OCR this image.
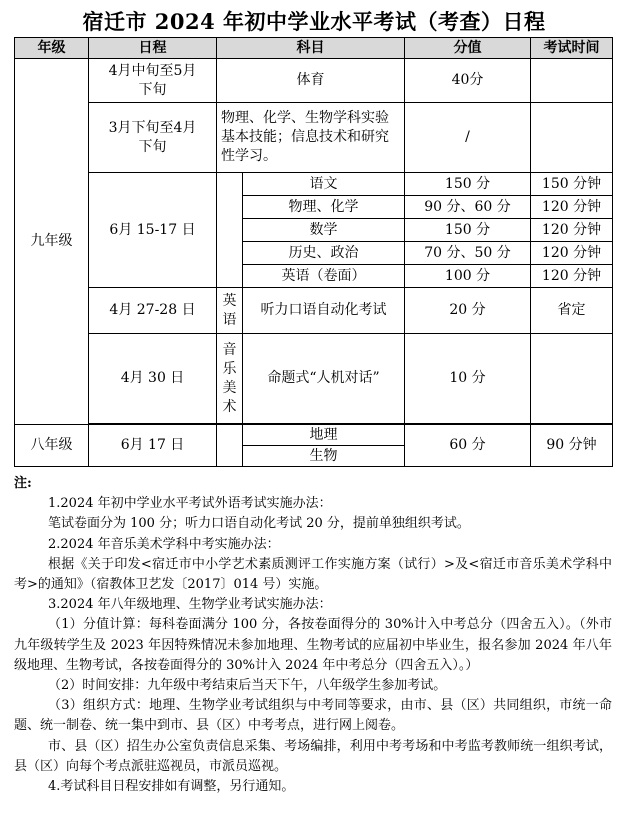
宿迁市 2024 年初中学业水平考试（考查）日程
年级	日程	科目		分值	考试时间
九年级	4月中旬至5月下旬	体育		40分	

	3月下旬至4月下旬	物理、化学、生物学科实验基本技能；信息技术和研究性学习。		/	
	6月 15-17 日		语文	150 分	150 分钟
			物理、化学	90 分、60 分	120 分钟
			数学	150 分	120 分钟
			历史、政治	70 分、50 分	120 分钟
			英语（卷面）	100 分	120 分钟
	4月 27-28 日	英语	听力口语自动化考试	20 分	省定
	4月 30 日	音乐美术	命题式“人机对话”	10 分	

八年级	6月 17 日		地理	60 分	90 分钟
			生物		

注:

1.2024 年初中学业水平考试外语考试实施办法：

笔试卷面分为 100 分；听力口语自动化考试 20 分，提前单独组织考试。

2.2024 年音乐美术学科中考实施办法：

根据《关于印发<宿迁市中小学艺术素质测评工作实施方案（试行）>及<宿迁市音乐美术学科中考>的通知》（宿教体卫艺发〔2017〕014 号）实施。

3.2024 年八年级地理、生物学业考试实施办法：

（1）分值计算：每科卷面满分 100 分，各按卷面得分的 30%计入中考总分（四舍五入）。（外市九年级转学生及 2023 年因特殊情况未参加地理、生物考试的应届初中毕业生，报名参加 2024 年八年级地理、生物考试，各按卷面得分的 30%计入 2024 年中考总分（四舍五入）。）

（2）时间安排：九年级中考结束后当天下午，八年级学生参加考试。

（3）组织方式：地理、生物学业考试组织与中考同等要求，由市、县（区）共同组织，市统一命题、统一制卷、统一集中到市、县（区）中考考点，进行网上阅卷。

市、县（区）招生办公室负责信息采集、考场编排，利用中考考场和中考监考教师统一组织考试，县（区）向每个考点派驻巡视员，市派员巡视。

4.考试科目日程安排如有调整，另行通知。
